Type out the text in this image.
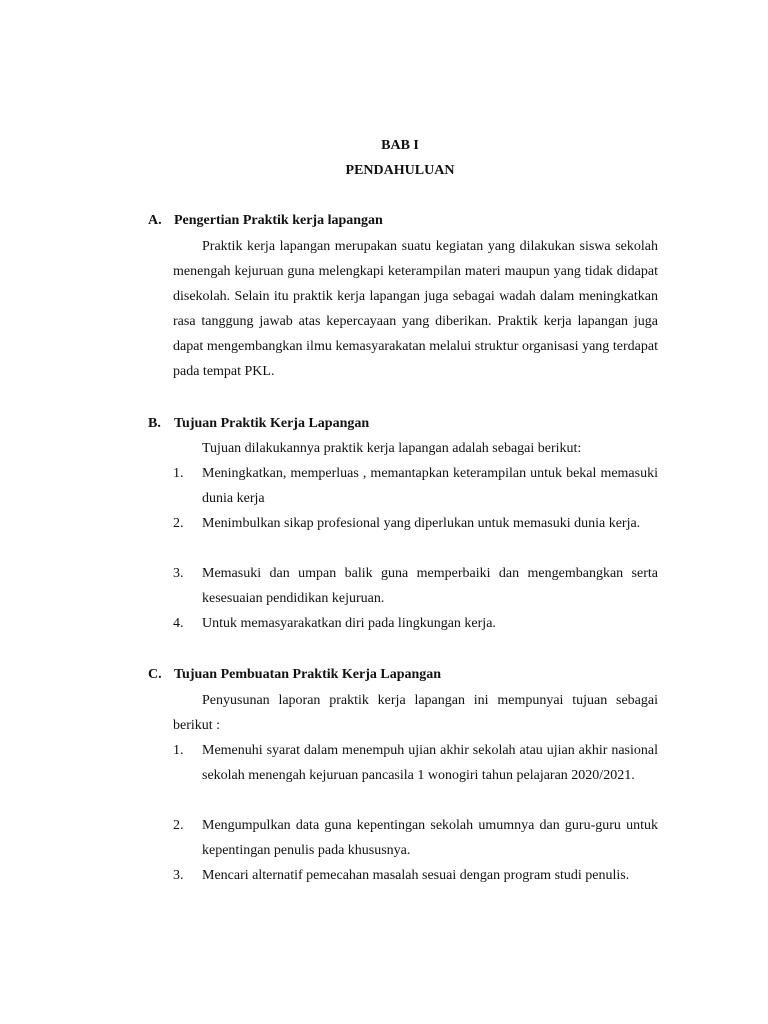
BAB I
PENDAHULUAN
A. Pengertian Praktik kerja lapangan
Praktik kerja lapangan merupakan suatu kegiatan yang dilakukan siswa sekolah menengah kejuruan guna melengkapi keterampilan materi maupun yang tidak didapat disekolah. Selain itu praktik kerja lapangan juga sebagai wadah dalam meningkatkan rasa tanggung jawab atas kepercayaan yang diberikan. Praktik kerja lapangan juga dapat mengembangkan ilmu kemasyarakatan melalui struktur organisasi yang terdapat pada tempat PKL.
B. Tujuan Praktik Kerja Lapangan
Tujuan dilakukannya praktik kerja lapangan adalah sebagai berikut:
1.	Meningkatkan, memperluas , memantapkan keterampilan untuk bekal memasuki dunia kerja
2.	Menimbulkan sikap profesional yang diperlukan untuk memasuki dunia kerja.
3.	Memasuki dan umpan balik guna memperbaiki dan mengembangkan serta kesesuaian pendidikan kejuruan.
4.	Untuk memasyarakatkan diri pada lingkungan kerja.
C. Tujuan Pembuatan Praktik Kerja Lapangan
Penyusunan laporan praktik kerja lapangan ini mempunyai tujuan sebagai berikut :
1.	Memenuhi syarat dalam menempuh ujian akhir sekolah atau ujian akhir nasional sekolah menengah kejuruan pancasila 1 wonogiri tahun pelajaran 2020/2021.
2.	Mengumpulkan data guna kepentingan sekolah umumnya dan guru-guru untuk kepentingan penulis pada khususnya.
3.	Mencari alternatif pemecahan masalah sesuai dengan program studi penulis.
